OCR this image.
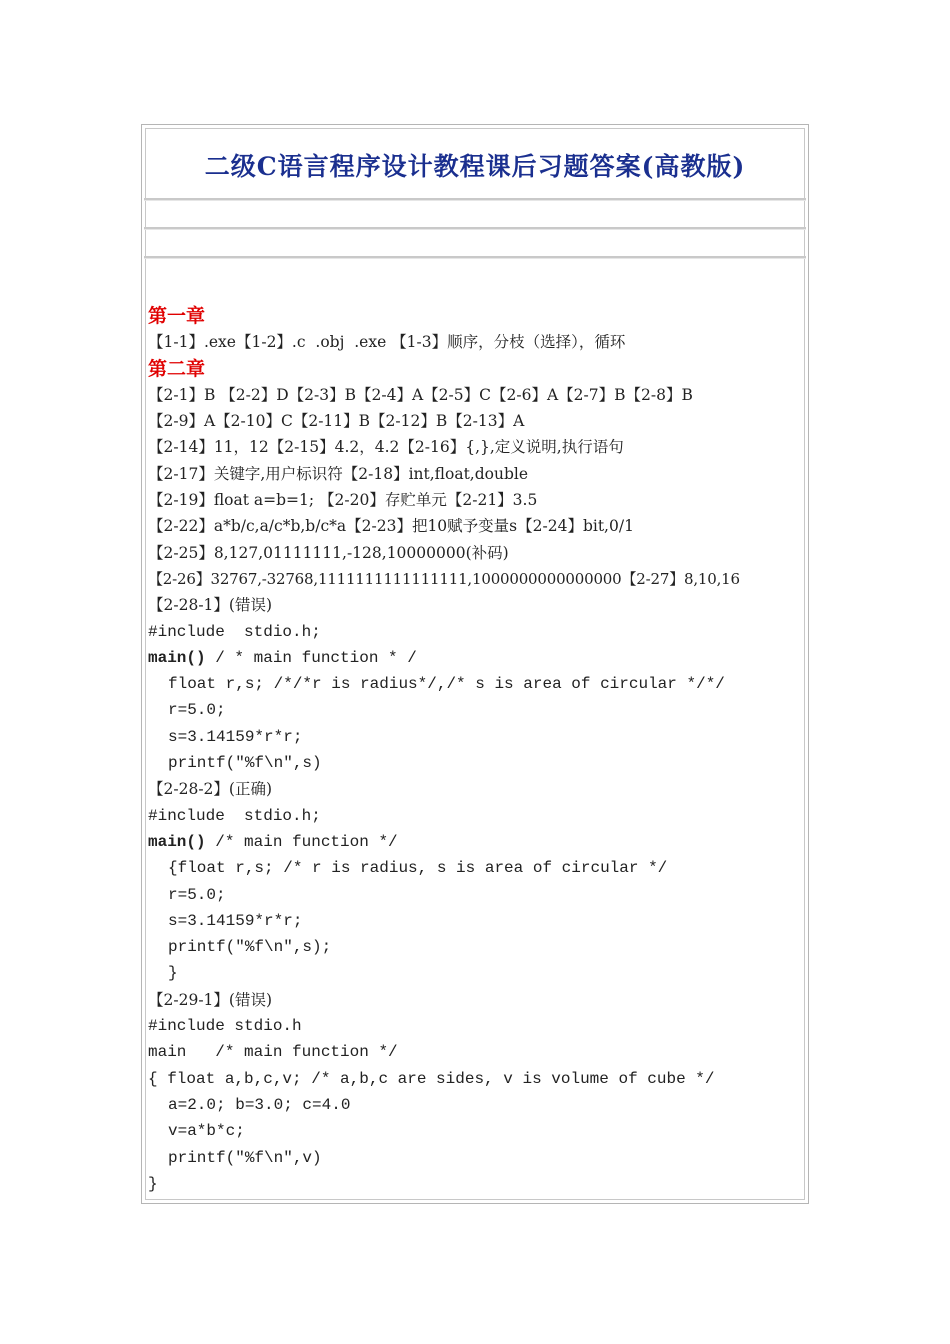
二级C语言程序设计教程课后习题答案(高教版)
第一章
【1-1】.exe【1-2】.c  .obj  .exe 【1-3】顺序，分枝（选择），循环
第二章
【2-1】B 【2-2】D【2-3】B【2-4】A【2-5】C【2-6】A【2-7】B【2-8】B
【2-9】A【2-10】C【2-11】B【2-12】B【2-13】A
【2-14】11，12【2-15】4.2，4.2【2-16】{,},定义说明,执行语句
【2-17】关键字,用户标识符【2-18】int,float,double
【2-19】float a=b=1; 【2-20】存贮单元【2-21】3.5
【2-22】a*b/c,a/c*b,b/c*a【2-23】把10赋予变量s【2-24】bit,0/1
【2-25】8,127,01111111,-128,10000000(补码)
【2-26】32767,-32768,1111111111111111,1000000000000000【2-27】8,10,16
【2-28-1】(错误)
#include  stdio.h;
main() / * main function * /
float r,s; /*/*r is radius*/,/* s is area of circular */*/
r=5.0;
s=3.14159*r*r;
printf("%f\n",s)
【2-28-2】(正确)
#include  stdio.h;
main() /* main function */
{float r,s; /* r is radius, s is area of circular */
r=5.0;
s=3.14159*r*r;
printf("%f\n",s);
}
【2-29-1】(错误)
#include stdio.h
main   /* main function */
{ float a,b,c,v; /* a,b,c are sides, v is volume of cube */
a=2.0; b=3.0; c=4.0
v=a*b*c;
printf("%f\n",v)
}
